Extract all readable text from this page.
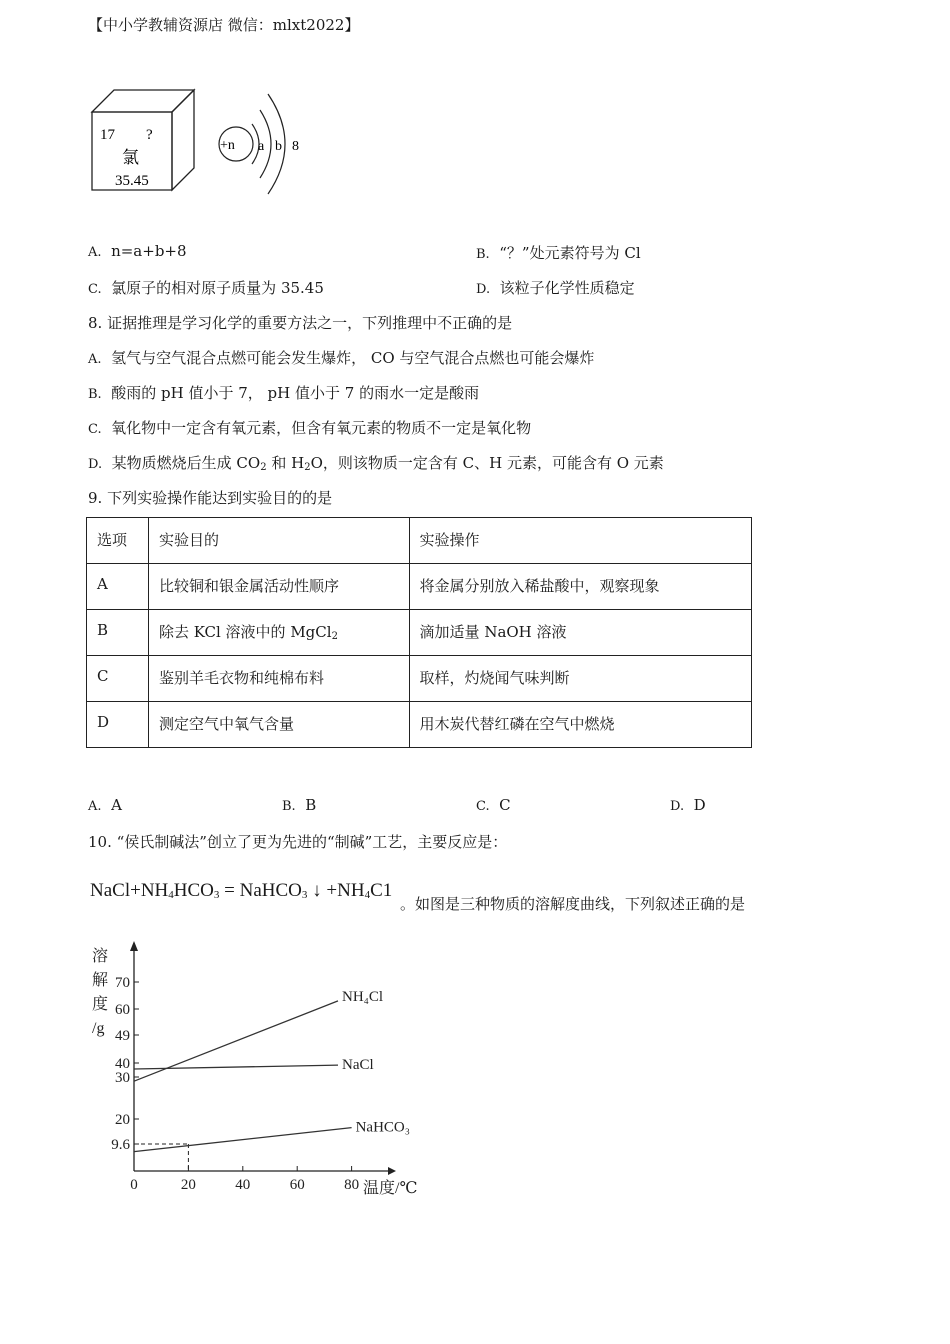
【中小学教辅资源店 微信：mlxt2022】
17 ?
氯
35.45
+n a b 8
A. n=a+b+8	B. “？”处元素符号为 Cl
C. 氯原子的相对原子质量为 35.45	D. 该粒子化学性质稳定
8. 证据推理是学习化学的重要方法之一，下列推理中不正确的是
A. 氢气与空气混合点燃可能会发生爆炸， CO 与空气混合点燃也可能会爆炸
B. 酸雨的 pH 值小于 7， pH 值小于 7 的雨水一定是酸雨
C. 氧化物中一定含有氧元素，但含有氧元素的物质不一定是氧化物
D. 某物质燃烧后生成 $CO_2$ 和 $H_2O$，则该物质一定含有 C、H 元素，可能含有 O 元素
9. 下列实验操作能达到实验目的的是
选项	实验目的	实验操作
A	比较铜和银金属活动性顺序	将金属分别放入稀盐酸中，观察现象
B	除去 KCl 溶液中的 MgCl$_2$	滴加适量 NaOH 溶液
C	鉴别羊毛衣物和纯棉布料	取样，灼烧闻气味判断
D	测定空气中氧气含量	用木炭代替红磷在空气中燃烧
A. A	B. B	C. C	D. D
10. “侯氏制碱法”创立了更为先进的“制碱”工艺，主要反应是：
$NaCl+NH_4HCO_3$ = NaHCO$_3$ ↓ $+NH_4C1$
。如图是三种物质的溶解度曲线，下列叙述正确的是
9.6
20
30
40
49
60
70
0	20	40	60	80
溶
解
度
/g
温度/℃
NH₄Cl
NaCl
NaHCO₃
